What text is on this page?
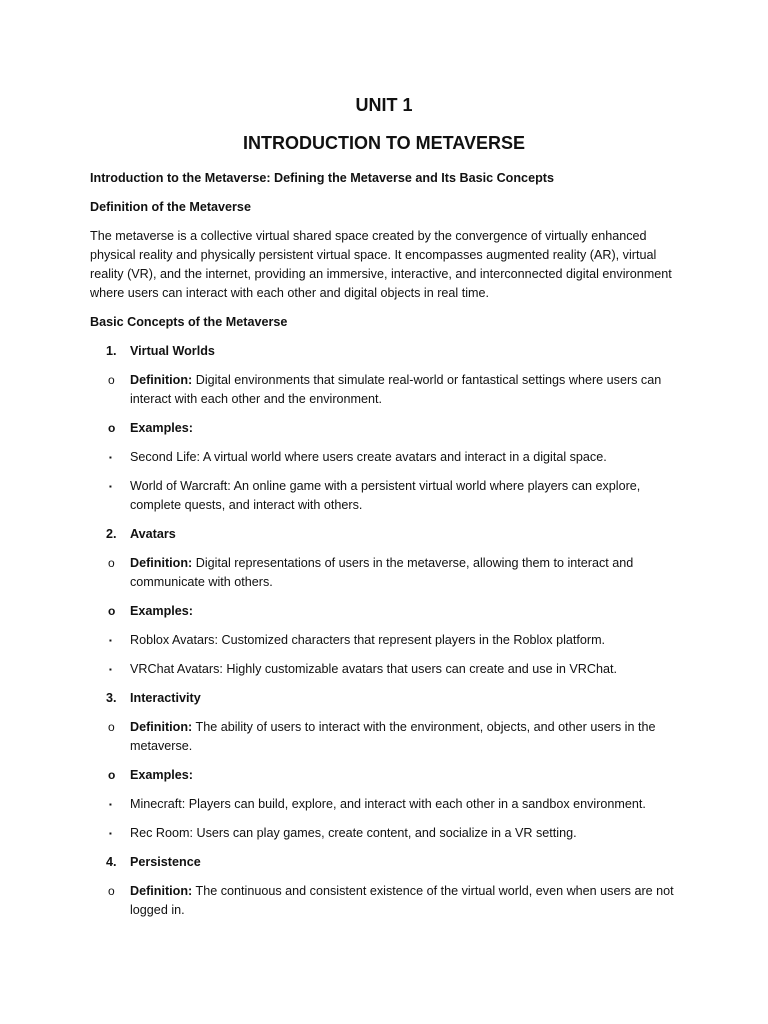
UNIT 1
INTRODUCTION TO METAVERSE

Introduction to the Metaverse: Defining the Metaverse and Its Basic Concepts

Definition of the Metaverse

The metaverse is a collective virtual shared space created by the convergence of virtually enhanced physical reality and physically persistent virtual space. It encompasses augmented reality (AR), virtual reality (VR), and the internet, providing an immersive, interactive, and interconnected digital environment where users can interact with each other and digital objects in real time.

Basic Concepts of the Metaverse

1.	Virtual Worlds
o	Definition: Digital environments that simulate real-world or fantastical settings where users can interact with each other and the environment.
o	Examples:
▪	Second Life: A virtual world where users create avatars and interact in a digital space.
▪	World of Warcraft: An online game with a persistent virtual world where players can explore, complete quests, and interact with others.
2.	Avatars
o	Definition: Digital representations of users in the metaverse, allowing them to interact and communicate with others.
o	Examples:
▪	Roblox Avatars: Customized characters that represent players in the Roblox platform.
▪	VRChat Avatars: Highly customizable avatars that users can create and use in VRChat.
3.	Interactivity
o	Definition: The ability of users to interact with the environment, objects, and other users in the metaverse.
o	Examples:
▪	Minecraft: Players can build, explore, and interact with each other in a sandbox environment.
▪	Rec Room: Users can play games, create content, and socialize in a VR setting.
4.	Persistence
o	Definition: The continuous and consistent existence of the virtual world, even when users are not logged in.
